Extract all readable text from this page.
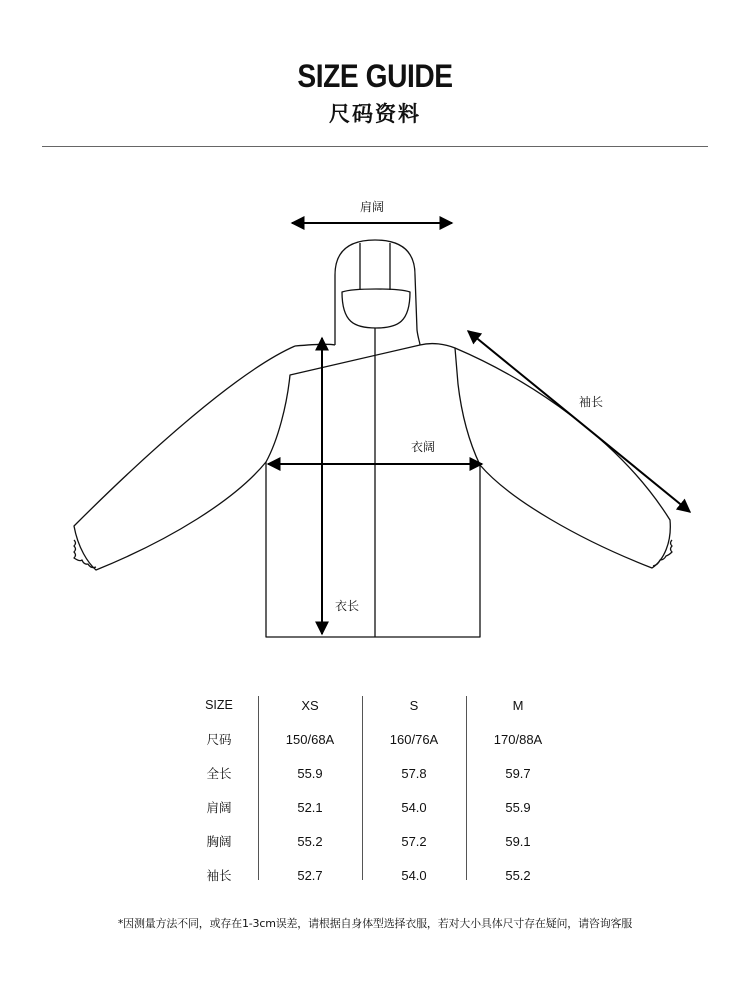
SIZE GUIDE
尺码资料
肩阔
袖长
衣阔
衣长
SIZE	XS	S	M
尺码	150/68A	160/76A	170/88A
全长	55.9	57.8	59.7
肩阔	52.1	54.0	55.9
胸阔	55.2	57.2	59.1
袖长	52.7	54.0	55.2
*因测量方法不同，或存在1-3cm误差，请根据自身体型选择衣服，若对大小具体尺寸存在疑问，请咨询客服
